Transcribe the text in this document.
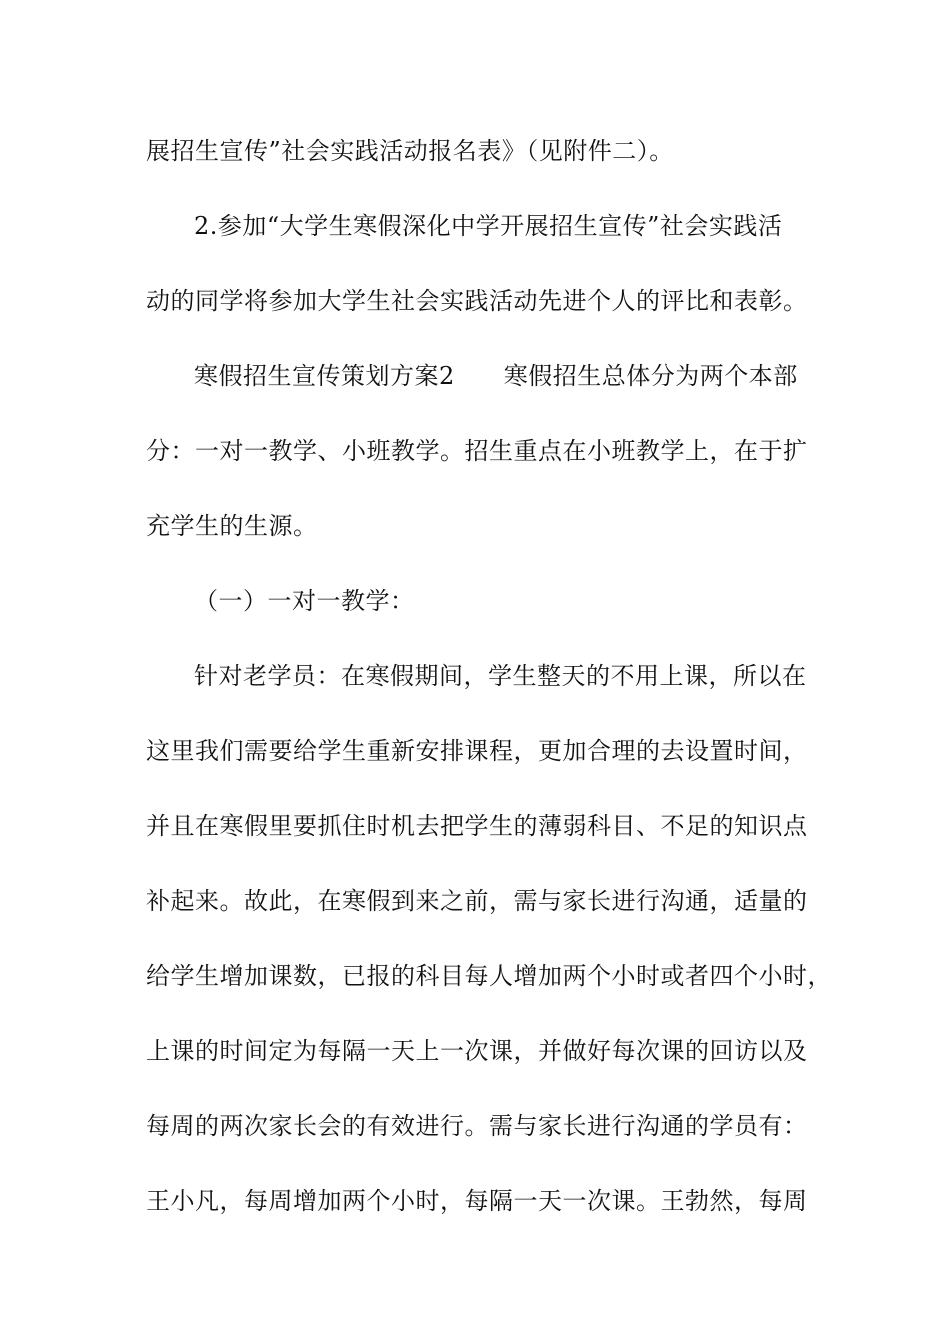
展招生宣传”社会实践活动报名表》（见附件二）。
2.参加“大学生寒假深化中学开展招生宣传”社会实践活
动的同学将参加大学生社会实践活动先进个人的评比和表彰。
寒假招生宣传策划方案2　　寒假招生总体分为两个本部
分：一对一教学、小班教学。招生重点在小班教学上，在于扩
充学生的生源。
（一）一对一教学：
针对老学员：在寒假期间，学生整天的不用上课，所以在
这里我们需要给学生重新安排课程，更加合理的去设置时间，
并且在寒假里要抓住时机去把学生的薄弱科目、不足的知识点
补起来。故此，在寒假到来之前，需与家长进行沟通，适量的
给学生增加课数，已报的科目每人增加两个小时或者四个小时，
上课的时间定为每隔一天上一次课，并做好每次课的回访以及
每周的两次家长会的有效进行。需与家长进行沟通的学员有：
王小凡，每周增加两个小时，每隔一天一次课。王勃然，每周
